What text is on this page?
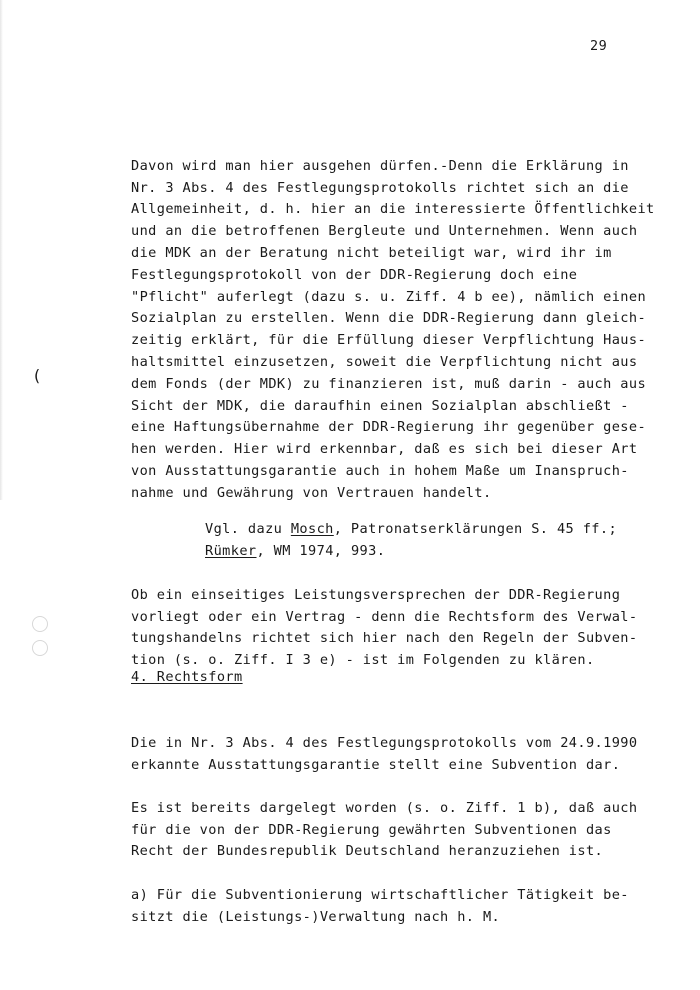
29
(

Davon wird man hier ausgehen dürfen.-Denn die Erklärung in
Nr. 3 Abs. 4 des Festlegungsprotokolls richtet sich an die
Allgemeinheit, d. h. hier an die interessierte Öffentlichkeit
und an die betroffenen Bergleute und Unternehmen. Wenn auch
die MDK an der Beratung nicht beteiligt war, wird ihr im
Festlegungsprotokoll von der DDR-Regierung doch eine
"Pflicht" auferlegt (dazu s. u. Ziff. 4 b ee), nämlich einen
Sozialplan zu erstellen. Wenn die DDR-Regierung dann gleich-
zeitig erklärt, für die Erfüllung dieser Verpflichtung Haus-
haltsmittel einzusetzen, soweit die Verpflichtung nicht aus
dem Fonds (der MDK) zu finanzieren ist, muß darin - auch aus
Sicht der MDK, die daraufhin einen Sozialplan abschließt -
eine Haftungsübernahme der DDR-Regierung ihr gegenüber gese-
hen werden. Hier wird erkennbar, daß es sich bei dieser Art
von Ausstattungsgarantie auch in hohem Maße um Inanspruch-
nahme und Gewährung von Vertrauen handelt.

Vgl. dazu Mosch, Patronatserklärungen S. 45 ff.;
Rümker, WM 1974, 993.

Ob ein einseitiges Leistungsversprechen der DDR-Regierung
vorliegt oder ein Vertrag - denn die Rechtsform des Verwal-
tungshandelns richtet sich hier nach den Regeln der Subven-
tion (s. o. Ziff. I 3 e) - ist im Folgenden zu klären.

4. Rechtsform

Die in Nr. 3 Abs. 4 des Festlegungsprotokolls vom 24.9.1990
erkannte Ausstattungsgarantie stellt eine Subvention dar.

Es ist bereits dargelegt worden (s. o. Ziff. 1 b), daß auch
für die von der DDR-Regierung gewährten Subventionen das
Recht der Bundesrepublik Deutschland heranzuziehen ist.

a) Für die Subventionierung wirtschaftlicher Tätigkeit be-
sitzt die (Leistungs-)Verwaltung nach h. M.
